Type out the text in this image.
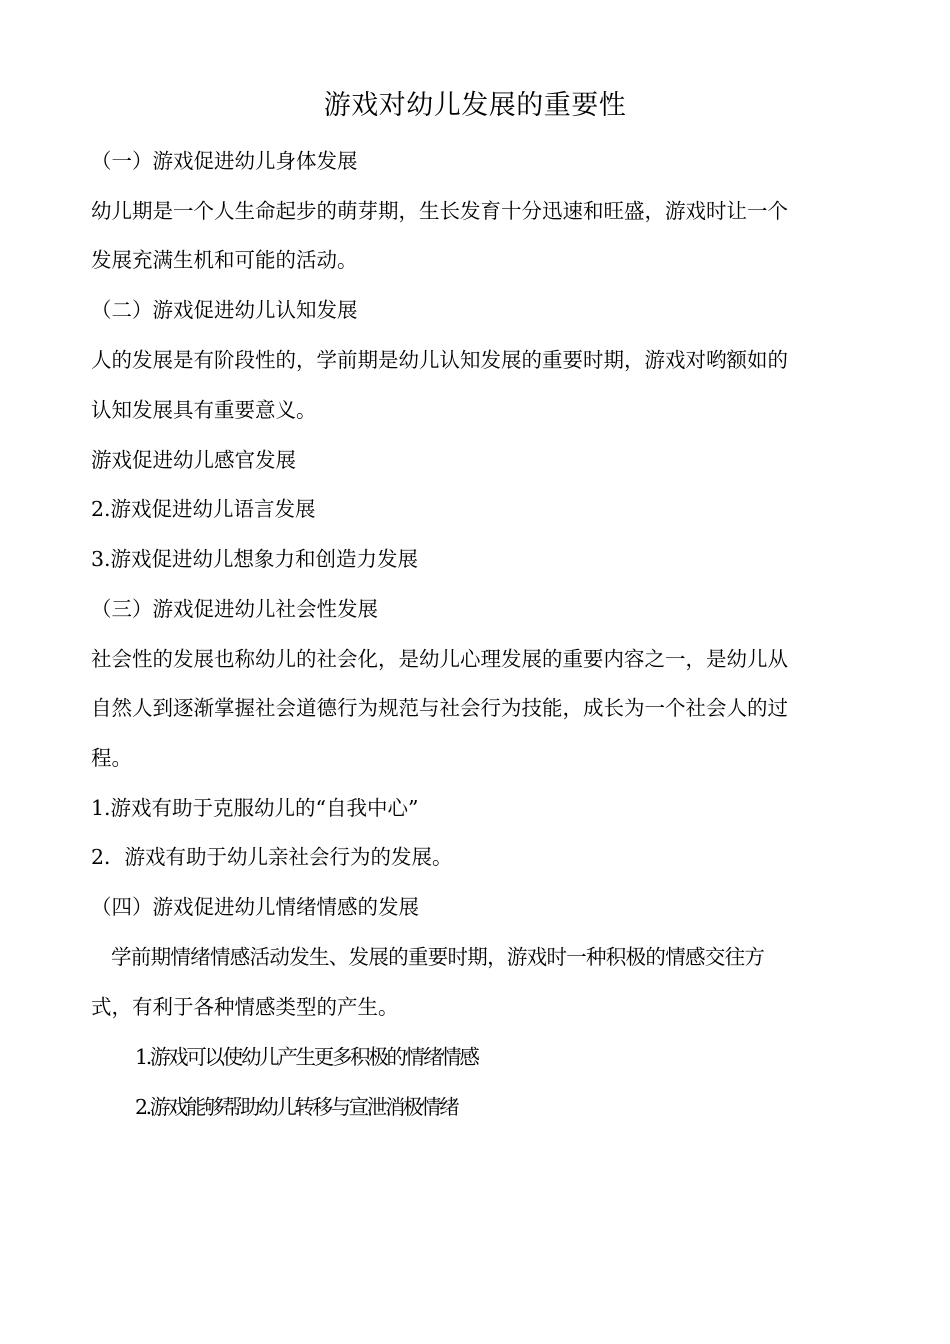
游戏对幼儿发展的重要性
（一）游戏促进幼儿身体发展
幼儿期是一个人生命起步的萌芽期，生长发育十分迅速和旺盛，游戏时让一个
发展充满生机和可能的活动。
（二）游戏促进幼儿认知发展
人的发展是有阶段性的，学前期是幼儿认知发展的重要时期，游戏对哟额如的
认知发展具有重要意义。
游戏促进幼儿感官发展
2.游戏促进幼儿语言发展
3.游戏促进幼儿想象力和创造力发展
（三）游戏促进幼儿社会性发展
社会性的发展也称幼儿的社会化，是幼儿心理发展的重要内容之一，是幼儿从
自然人到逐渐掌握社会道德行为规范与社会行为技能，成长为一个社会人的过
程。
1.游戏有助于克服幼儿的“自我中心”
2．游戏有助于幼儿亲社会行为的发展。
（四）游戏促进幼儿情绪情感的发展
学前期情绪情感活动发生、发展的重要时期，游戏时一种积极的情感交往方
式，有利于各种情感类型的产生。
1.游戏可以使幼儿产生更多积极的情绪情感
2.游戏能够帮助幼儿转移与宣泄消极情绪
